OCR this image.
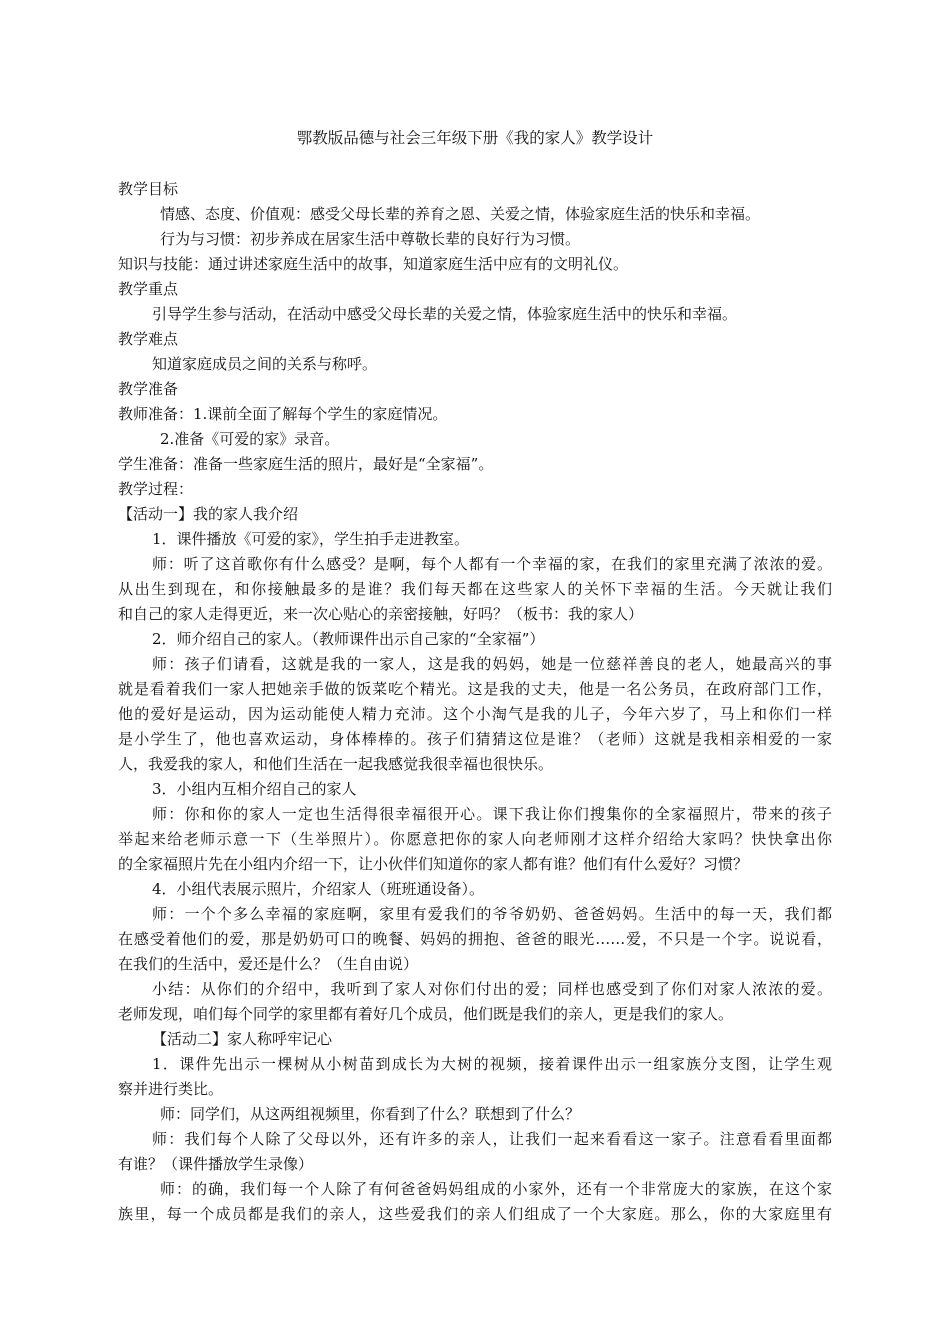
鄂教版品德与社会三年级下册《我的家人》教学设计
教学目标
情感、态度、价值观：感受父母长辈的养育之恩、关爱之情，体验家庭生活的快乐和幸福。
行为与习惯：初步养成在居家生活中尊敬长辈的良好行为习惯。
知识与技能：通过讲述家庭生活中的故事，知道家庭生活中应有的文明礼仪。
教学重点
引导学生参与活动，在活动中感受父母长辈的关爱之情，体验家庭生活中的快乐和幸福。
教学难点
知道家庭成员之间的关系与称呼。
教学准备
教师准备：1.课前全面了解每个学生的家庭情况。
2.准备《可爱的家》录音。
学生准备：准备一些家庭生活的照片，最好是“全家福”。
教学过程：
【活动一】我的家人我介绍
1．课件播放《可爱的家》，学生拍手走进教室。
师：听了这首歌你有什么感受？是啊，每个人都有一个幸福的家，在我们的家里充满了浓浓的爱。
从出生到现在，和你接触最多的是谁？我们每天都在这些家人的关怀下幸福的生活。今天就让我们
和自己的家人走得更近，来一次心贴心的亲密接触，好吗？（板书：我的家人）
2．师介绍自己的家人。（教师课件出示自己家的“全家福”）
师：孩子们请看，这就是我的一家人，这是我的妈妈，她是一位慈祥善良的老人，她最高兴的事
就是看着我们一家人把她亲手做的饭菜吃个精光。这是我的丈夫，他是一名公务员，在政府部门工作，
他的爱好是运动，因为运动能使人精力充沛。这个小淘气是我的儿子，今年六岁了，马上和你们一样
是小学生了，他也喜欢运动，身体棒棒的。孩子们猜猜这位是谁？（老师）这就是我相亲相爱的一家
人，我爱我的家人，和他们生活在一起我感觉我很幸福也很快乐。
3．小组内互相介绍自己的家人
师：你和你的家人一定也生活得很幸福很开心。课下我让你们搜集你的全家福照片，带来的孩子
举起来给老师示意一下（生举照片）。你愿意把你的家人向老师刚才这样介绍给大家吗？快快拿出你
的全家福照片先在小组内介绍一下，让小伙伴们知道你的家人都有谁？他们有什么爱好？习惯？
4．小组代表展示照片，介绍家人（班班通设备）。
师：一个个多么幸福的家庭啊，家里有爱我们的爷爷奶奶、爸爸妈妈。生活中的每一天，我们都
在感受着他们的爱，那是奶奶可口的晚餐、妈妈的拥抱、爸爸的眼光……爱，不只是一个字。说说看，
在我们的生活中，爱还是什么？（生自由说）
小结：从你们的介绍中，我听到了家人对你们付出的爱；同样也感受到了你们对家人浓浓的爱。
老师发现，咱们每个同学的家里都有着好几个成员，他们既是我们的亲人，更是我们的家人。
【活动二】家人称呼牢记心
1．课件先出示一棵树从小树苗到成长为大树的视频，接着课件出示一组家族分支图，让学生观
察并进行类比。
师：同学们，从这两组视频里，你看到了什么？联想到了什么？
师：我们每个人除了父母以外，还有许多的亲人，让我们一起来看看这一家子。注意看看里面都
有谁？（课件播放学生录像）
师：的确，我们每一个人除了有何爸爸妈妈组成的小家外，还有一个非常庞大的家族，在这个家
族里，每一个成员都是我们的亲人，这些爱我们的亲人们组成了一个大家庭。那么，你的大家庭里有
